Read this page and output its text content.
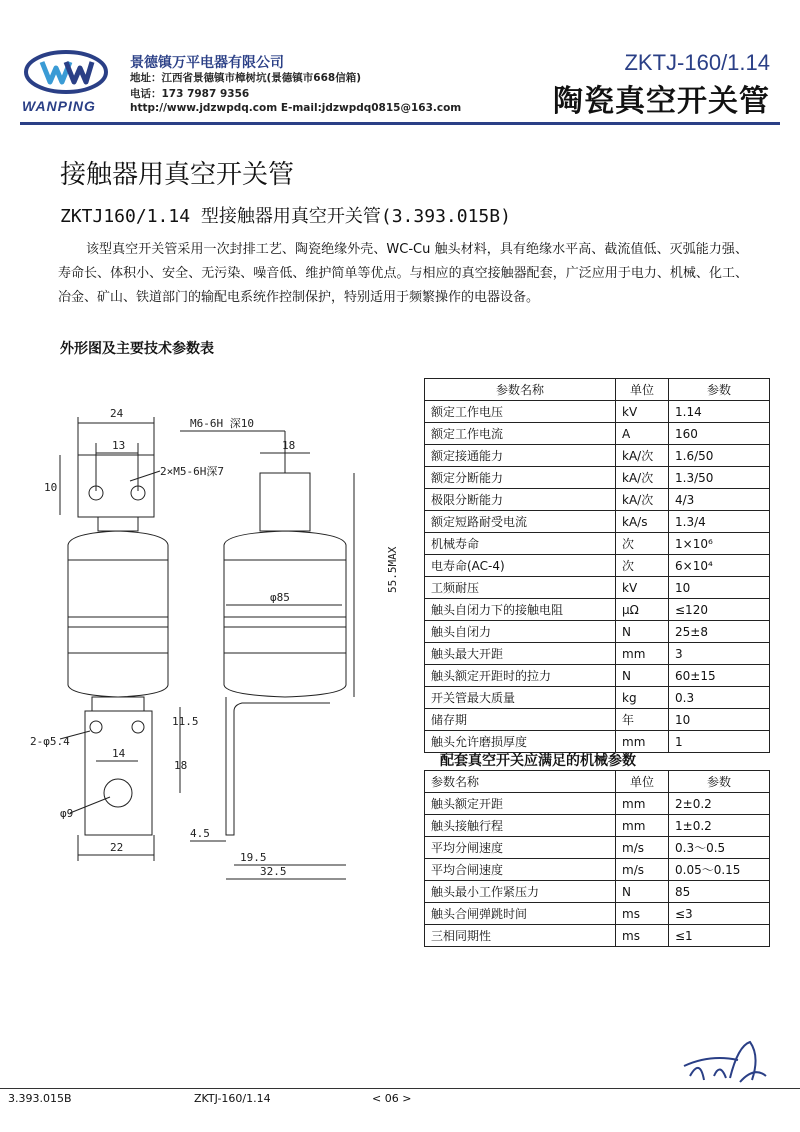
WANPING
景德镇万平电器有限公司
地址：江西省景德镇市樟树坑(景德镇市668信箱)
电话：173 7987 9356
http://www.jdzwpdq.com E-mail:jdzwpdq0815@163.com
ZKTJ-160/1.14
陶瓷真空开关管
接触器用真空开关管
ZKTJ160/1.14 型接触器用真空开关管(3.393.015B)
该型真空开关管采用一次封排工艺、陶瓷绝缘外壳、WC-Cu 触头材料，具有绝缘水平高、截流值低、灭弧能力强、寿命长、体积小、安全、无污染、噪音低、维护简单等优点。与相应的真空接触器配套，广泛应用于电力、机械、化工、冶金、矿山、铁道部门的输配电系统作控制保护，特别适用于频繁操作的电器设备。
外形图及主要技术参数表
24
13
10
2×M5-6H深7
11.5
2-φ5.4
14
18
φ9
22
M6-6H 深10
18
φ85
55.5MAX
4.5
19.5
32.5
参数名称	单位	参数
额定工作电压	kV	1.14
额定工作电流	A	160
额定接通能力	kA/次	1.6/50
额定分断能力	kA/次	1.3/50
极限分断能力	kA/次	4/3
额定短路耐受电流	kA/s	1.3/4
机械寿命	次	1×10⁶
电寿命(AC-4)	次	6×10⁴
工频耐压	kV	10
触头自闭力下的接触电阻	μΩ	≤120
触头自闭力	N	25±8
触头最大开距	mm	3
触头额定开距时的拉力	N	60±15
开关管最大质量	kg	0.3
储存期	年	10
触头允许磨损厚度	mm	1
配套真空开关应满足的机械参数
参数名称	单位	参数
触头额定开距	mm	2±0.2
触头接触行程	mm	1±0.2
平均分闸速度	m/s	0.3～0.5
平均合闸速度	m/s	0.05～0.15
触头最小工作紧压力	N	85
触头合闸弹跳时间	ms	≤3
三相同期性	ms	≤1
3.393.015B	ZKTJ-160/1.14	< 06 >
